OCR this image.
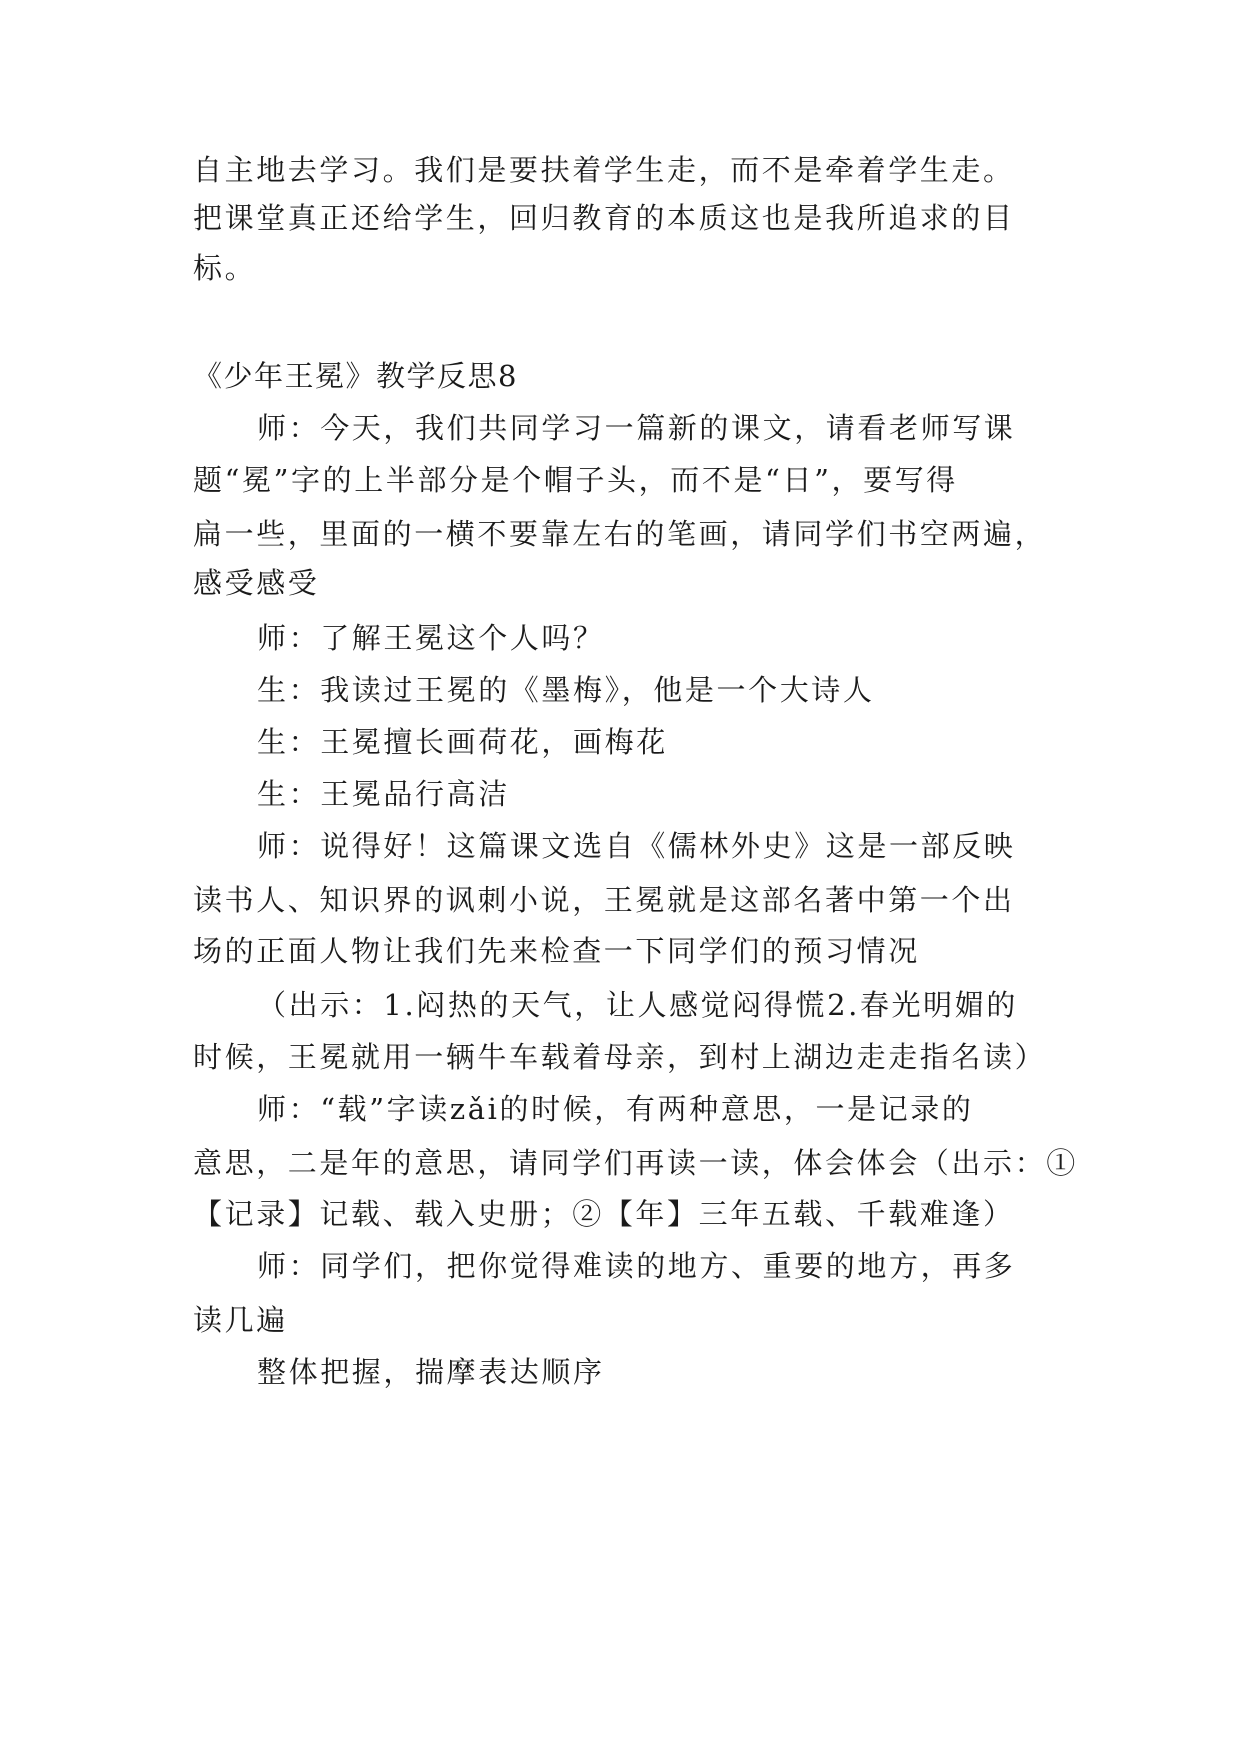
自主地去学习。我们是要扶着学生走，而不是牵着学生走。
把课堂真正还给学生，回归教育的本质这也是我所追求的目
标。
《少年王冕》教学反思8
师：今天，我们共同学习一篇新的课文，请看老师写课
题“冕”字的上半部分是个帽子头，而不是“日”，要写得
扁一些，里面的一横不要靠左右的笔画，请同学们书空两遍，
感受感受
师：了解王冕这个人吗？
生：我读过王冕的《墨梅》，他是一个大诗人
生：王冕擅长画荷花，画梅花
生：王冕品行高洁
师：说得好！这篇课文选自《儒林外史》这是一部反映
读书人、知识界的讽刺小说，王冕就是这部名著中第一个出
场的正面人物让我们先来检查一下同学们的预习情况
（出示：1.闷热的天气，让人感觉闷得慌2.春光明媚的
时候，王冕就用一辆牛车载着母亲，到村上湖边走走指名读）
师：“载”字读zǎi的时候，有两种意思，一是记录的
意思，二是年的意思，请同学们再读一读，体会体会（出示：①
【记录】记载、载入史册；②【年】三年五载、千载难逢）
师：同学们，把你觉得难读的地方、重要的地方，再多
读几遍
整体把握，揣摩表达顺序
